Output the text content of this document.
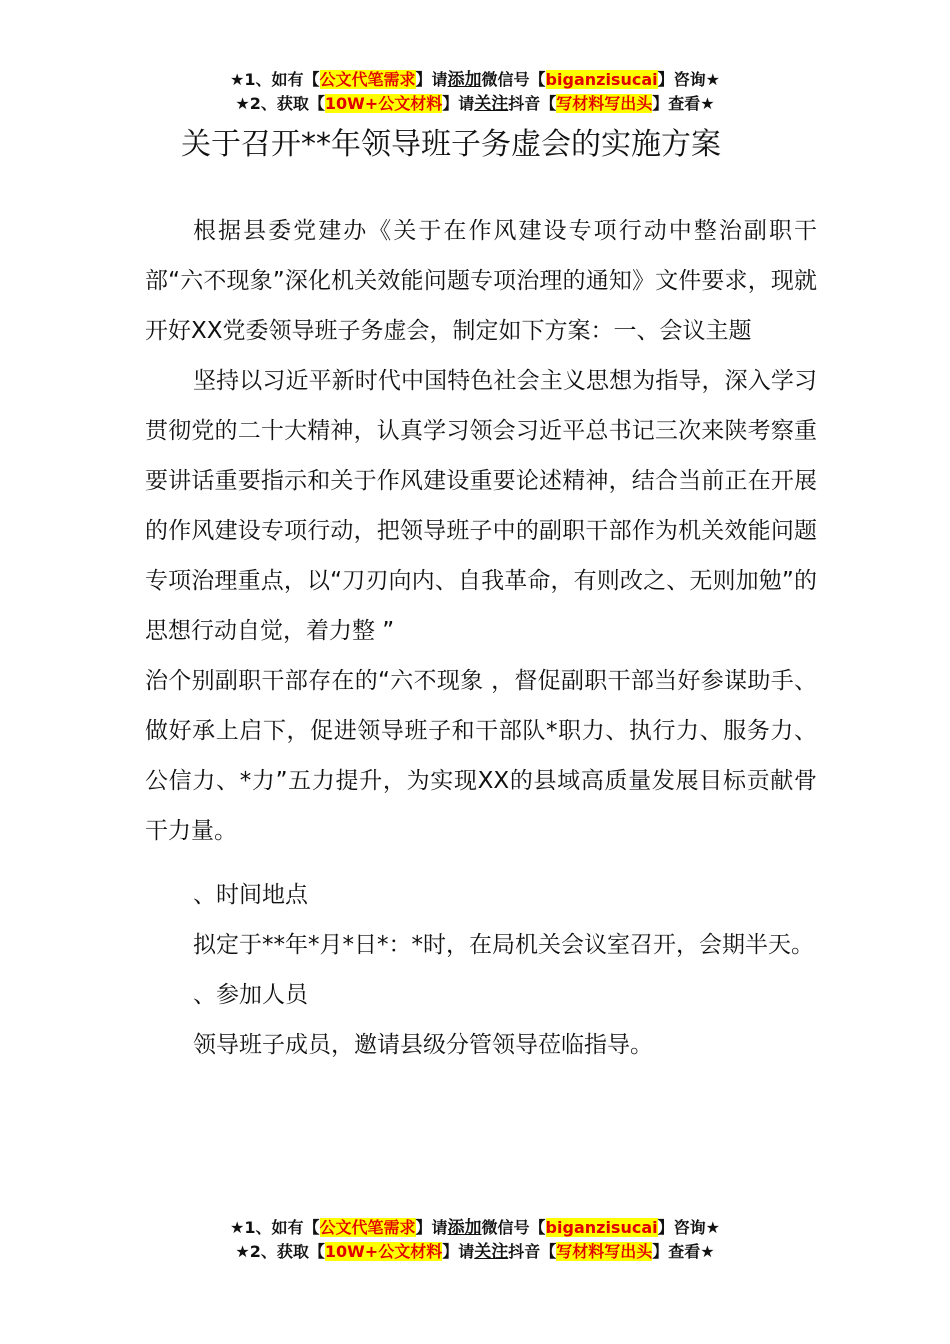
★1、如有【公文代笔需求】请添加微信号【biganzisucai】咨询★
★2、获取【10W+公文材料】请关注抖音【写材料写出头】查看★
关于召开**年领导班子务虚会的实施方案

根据县委党建办《关于在作风建设专项行动中整治副职干部“六不现象”深化机关效能问题专项治理的通知》文件要求，现就开好XX党委领导班子务虚会，制定如下方案：一、会议主题

坚持以习近平新时代中国特色社会主义思想为指导，深入学习贯彻党的二十大精神，认真学习领会习近平总书记三次来陕考察重要讲话重要指示和关于作风建设重要论述精神，结合当前正在开展的作风建设专项行动，把领导班子中的副职干部作为机关效能问题专项治理重点，以“刀刃向内、自我革命，有则改之、无则加勉”的思想行动自觉，着力整 ”

治个别副职干部存在的“六不现象 ，督促副职干部当好参谋助手、做好承上启下，促进领导班子和干部队*职力、执行力、服务力、公信力、*力”五力提升，为实现XX的县域高质量发展目标贡献骨干力量。

、时间地点

拟定于**年*月*日*：*时，在局机关会议室召开，会期半天。

、参加人员

领导班子成员，邀请县级分管领导莅临指导。

★1、如有【公文代笔需求】请添加微信号【biganzisucai】咨询★
★2、获取【10W+公文材料】请关注抖音【写材料写出头】查看★
